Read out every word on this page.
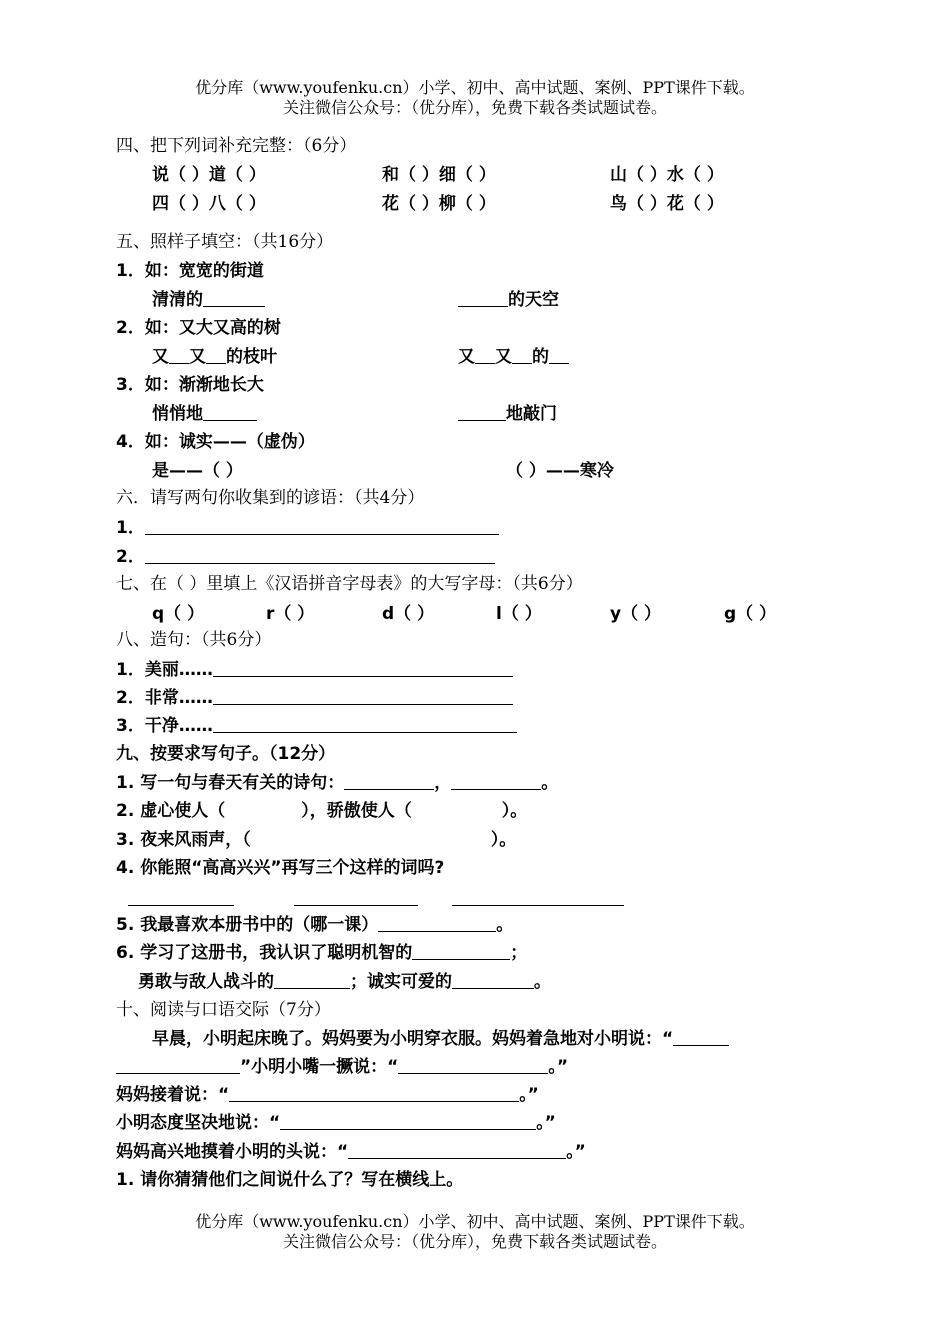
优分库（www.youfenku.cn）小学、初中、高中试题、案例、PPT课件下载。
关注微信公众号：（优分库），免费下载各类试题试卷。
四、把下列词补充完整：（6分）
说（ ）道（ ）	和（ ）细（ ）	山（ ）水（ ）
四（ ）八（ ）	花（ ）柳（ ）	鸟（ ）花（ ）
五、照样子填空：（共16分）
1．如：宽宽的街道
清清的	的天空
2．如：又大又高的树
又 又 的枝叶	又 又 的
3．如：渐渐地长大
悄悄地	地敲门
4．如：诚实——（虚伪）
是——（ ）	（ ）——寒冷
六．请写两句你收集到的谚语：（共4分）
1．
2．
七、在（ ）里填上《汉语拼音字母表》的大写字母：（共6分）
q（ ）	r（ ）	d（ ）	l（ ）	y（ ）	g（ ）
八、造句：（共6分）
1．美丽……
2．非常……
3．干净……
九、按要求写句子。（12分）
1. 写一句与春天有关的诗句：	，	。
2. 虚心使人（	），骄傲使人（	）。
3. 夜来风雨声，（	）。
4. 你能照“高高兴兴”再写三个这样的词吗?
5. 我最喜欢本册书中的（哪一课）	。
6. 学习了这册书，我认识了聪明机智的	；
勇敢与敌人战斗的	；诚实可爱的	。
十、阅读与口语交际（7分）
早晨，小明起床晚了。妈妈要为小明穿衣服。妈妈着急地对小明说：“
”小明小嘴一撅说：“	。”
妈妈接着说：“	。”
小明态度坚决地说：“	。”
妈妈高兴地摸着小明的头说：“	。”
1. 请你猜猜他们之间说什么了？写在横线上。
优分库（www.youfenku.cn）小学、初中、高中试题、案例、PPT课件下载。
关注微信公众号：（优分库），免费下载各类试题试卷。
